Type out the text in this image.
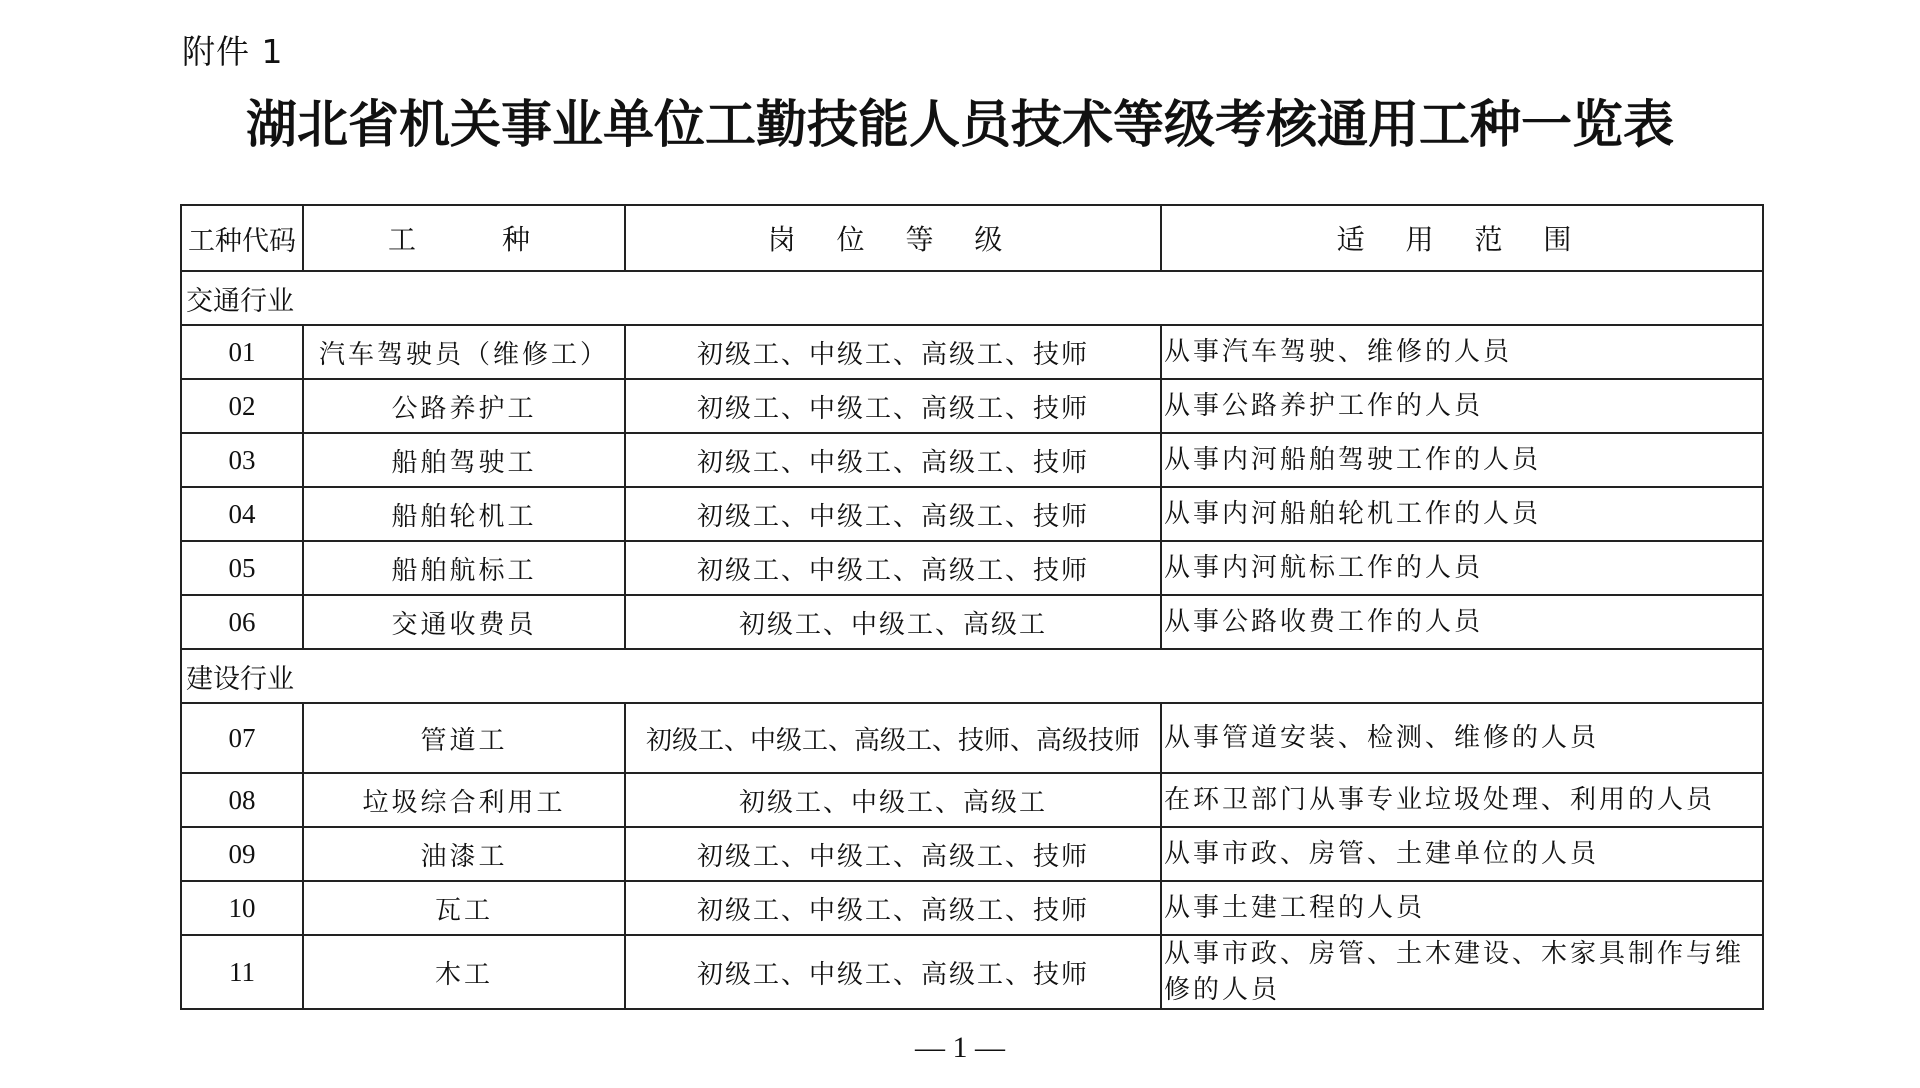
附件 1
湖北省机关事业单位工勤技能人员技术等级考核通用工种一览表
工种代码	工　　种	岗 位 等 级	适 用 范 围
交通行业			
01	汽车驾驶员（维修工）	初级工、中级工、高级工、技师	从事汽车驾驶、维修的人员
02	公路养护工	初级工、中级工、高级工、技师	从事公路养护工作的人员
03	船舶驾驶工	初级工、中级工、高级工、技师	从事内河船舶驾驶工作的人员
04	船舶轮机工	初级工、中级工、高级工、技师	从事内河船舶轮机工作的人员
05	船舶航标工	初级工、中级工、高级工、技师	从事内河航标工作的人员
06	交通收费员	初级工、中级工、高级工	从事公路收费工作的人员
建设行业			
07	管道工	初级工、中级工、高级工、技师、高级技师	从事管道安装、检测、维修的人员
08	垃圾综合利用工	初级工、中级工、高级工	在环卫部门从事专业垃圾处理、利用的人员
09	油漆工	初级工、中级工、高级工、技师	从事市政、房管、土建单位的人员
10	瓦工	初级工、中级工、高级工、技师	从事土建工程的人员
11	木工	初级工、中级工、高级工、技师	从事市政、房管、土木建设、木家具制作与维修的人员
— 1 —
